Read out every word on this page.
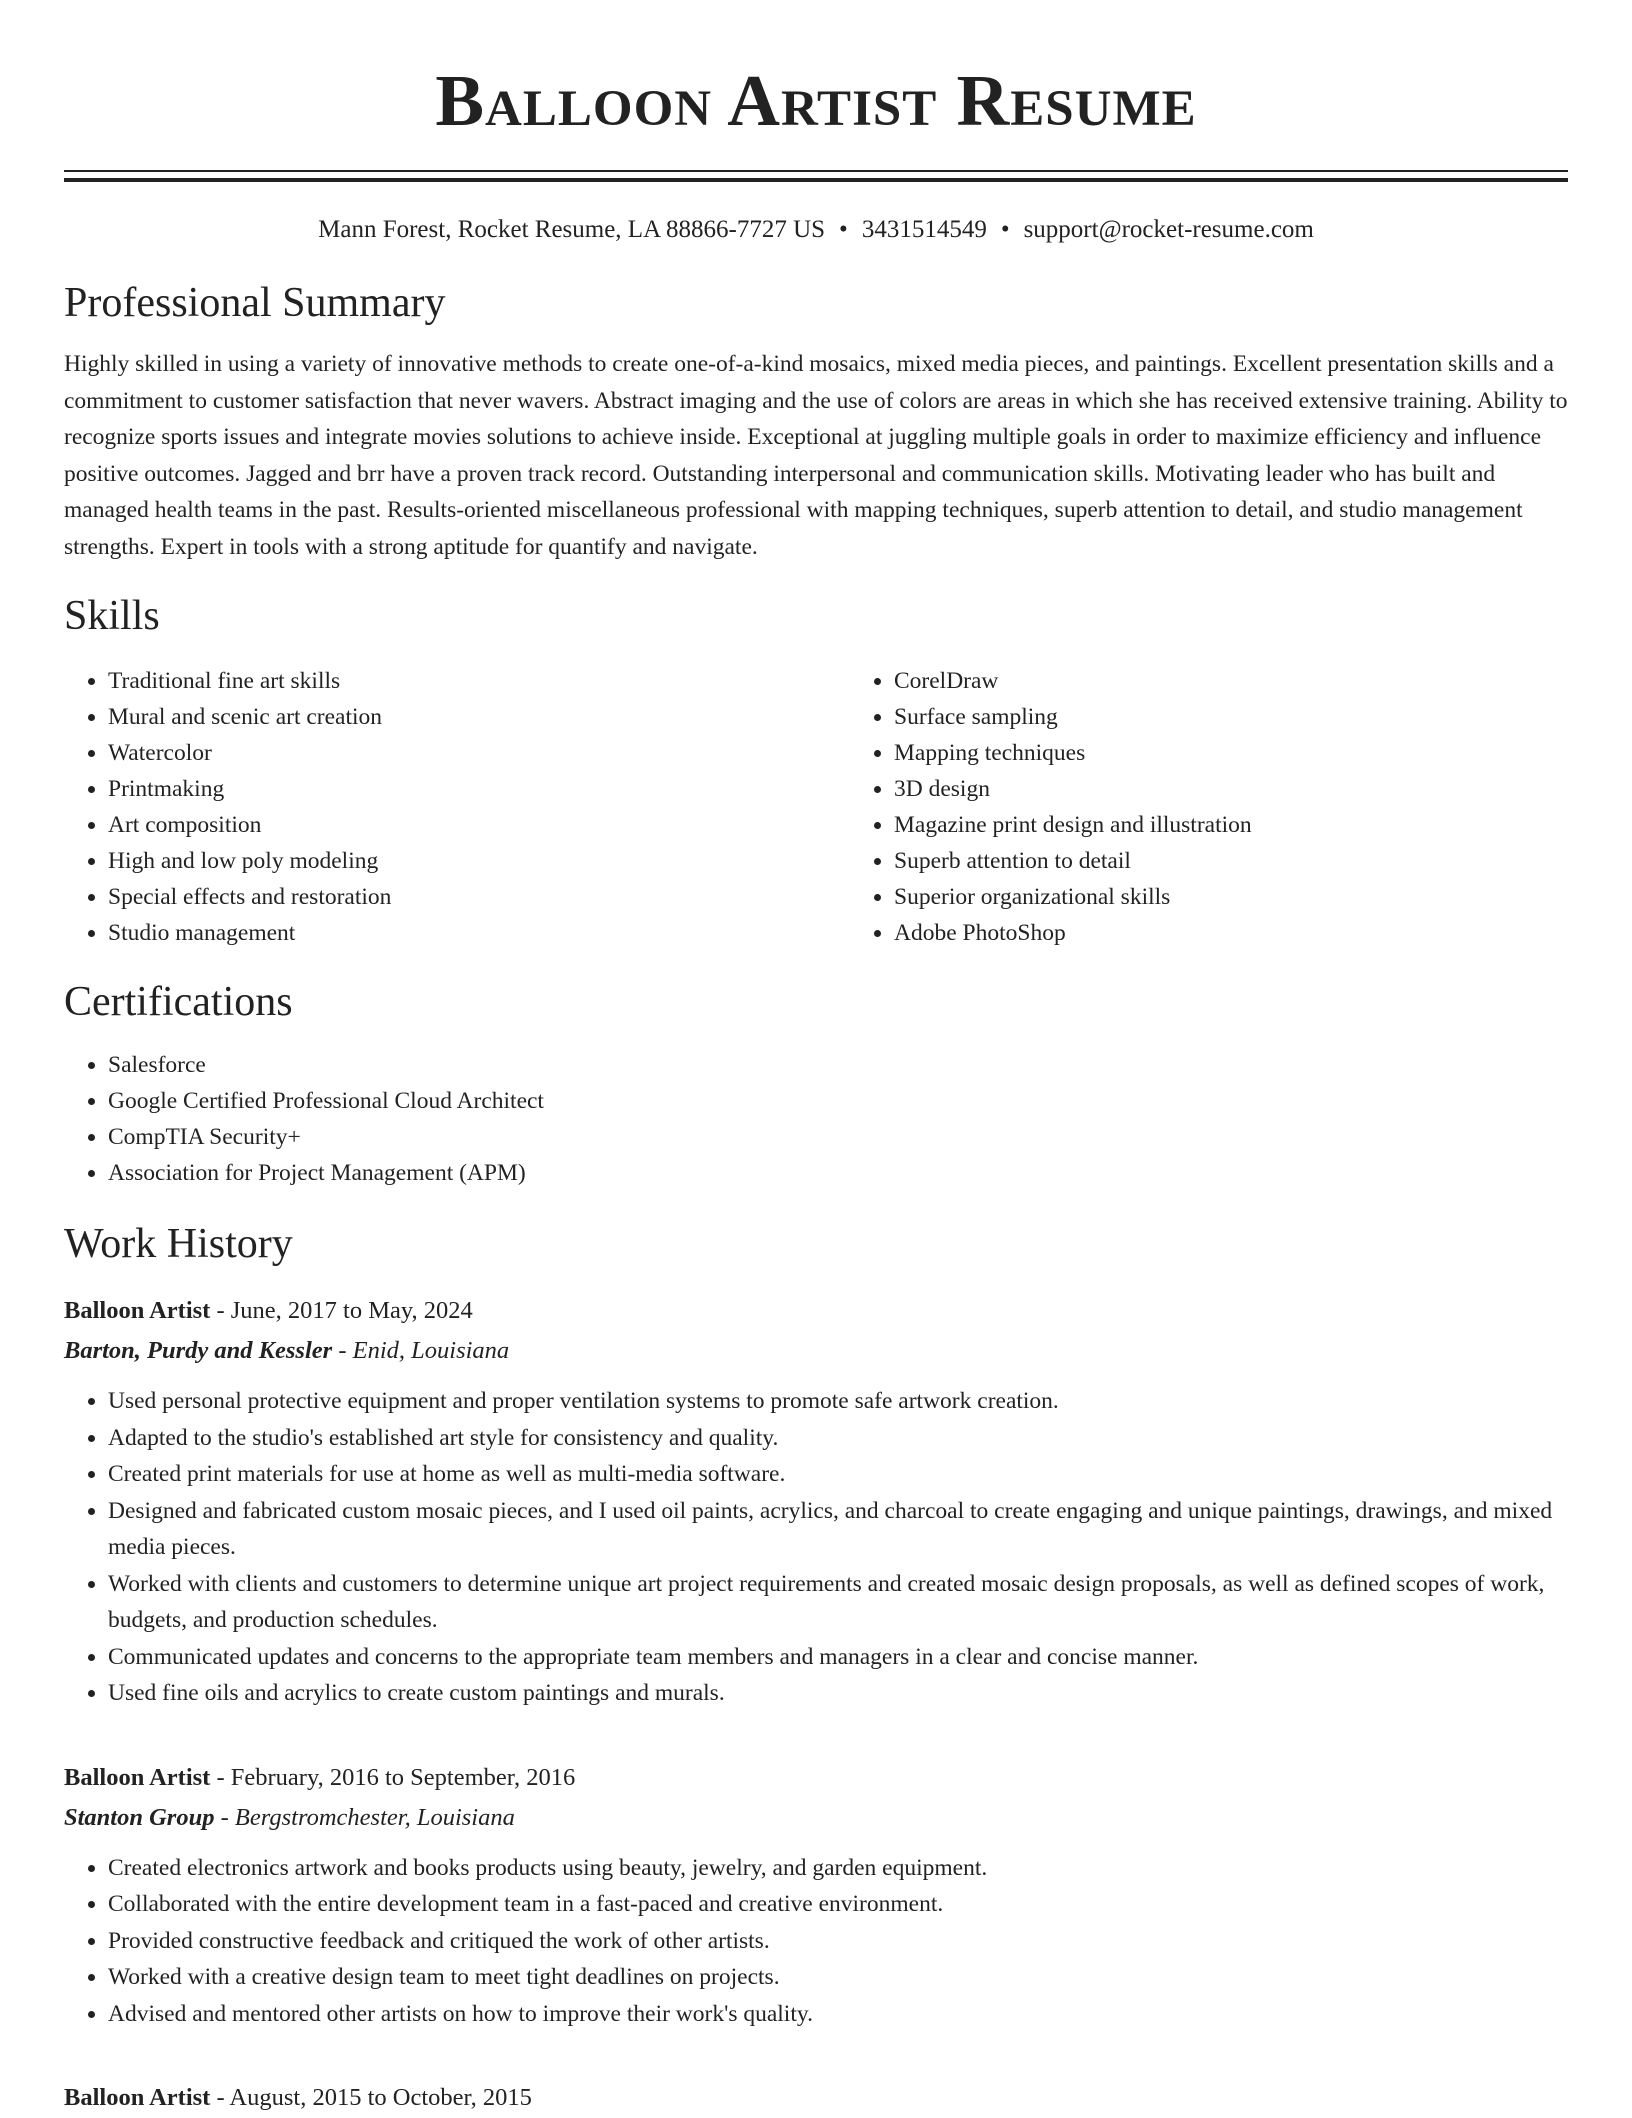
Balloon Artist Resume
Mann Forest, Rocket Resume, LA 88866-7727 US • 3431514549 • support@rocket-resume.com
Professional Summary

Highly skilled in using a variety of innovative methods to create one-of-a-kind mosaics, mixed media pieces, and paintings. Excellent presentation skills and a commitment to customer satisfaction that never wavers. Abstract imaging and the use of colors are areas in which she has received extensive training. Ability to recognize sports issues and integrate movies solutions to achieve inside. Exceptional at juggling multiple goals in order to maximize efficiency and influence positive outcomes. Jagged and brr have a proven track record. Outstanding interpersonal and communication skills. Motivating leader who has built and managed health teams in the past. Results-oriented miscellaneous professional with mapping techniques, superb attention to detail, and studio management strengths. Expert in tools with a strong aptitude for quantify and navigate.

Skills
• Traditional fine art skills
• Mural and scenic art creation
• Watercolor
• Printmaking
• Art composition
• High and low poly modeling
• Special effects and restoration
• Studio management
• CorelDraw
• Surface sampling
• Mapping techniques
• 3D design
• Magazine print design and illustration
• Superb attention to detail
• Superior organizational skills
• Adobe PhotoShop
Certifications
• Salesforce
• Google Certified Professional Cloud Architect
• CompTIA Security+
• Association for Project Management (APM)
Work History
Balloon Artist - June, 2017 to May, 2024
Barton, Purdy and Kessler - Enid, Louisiana
• Used personal protective equipment and proper ventilation systems to promote safe artwork creation.
• Adapted to the studio's established art style for consistency and quality.
• Created print materials for use at home as well as multi-media software.
• Designed and fabricated custom mosaic pieces, and I used oil paints, acrylics, and charcoal to create engaging and unique paintings, drawings, and mixed media pieces.
• Worked with clients and customers to determine unique art project requirements and created mosaic design proposals, as well as defined scopes of work, budgets, and production schedules.
• Communicated updates and concerns to the appropriate team members and managers in a clear and concise manner.
• Used fine oils and acrylics to create custom paintings and murals.
Balloon Artist - February, 2016 to September, 2016
Stanton Group - Bergstromchester, Louisiana
• Created electronics artwork and books products using beauty, jewelry, and garden equipment.
• Collaborated with the entire development team in a fast-paced and creative environment.
• Provided constructive feedback and critiqued the work of other artists.
• Worked with a creative design team to meet tight deadlines on projects.
• Advised and mentored other artists on how to improve their work's quality.
Balloon Artist - August, 2015 to October, 2015
